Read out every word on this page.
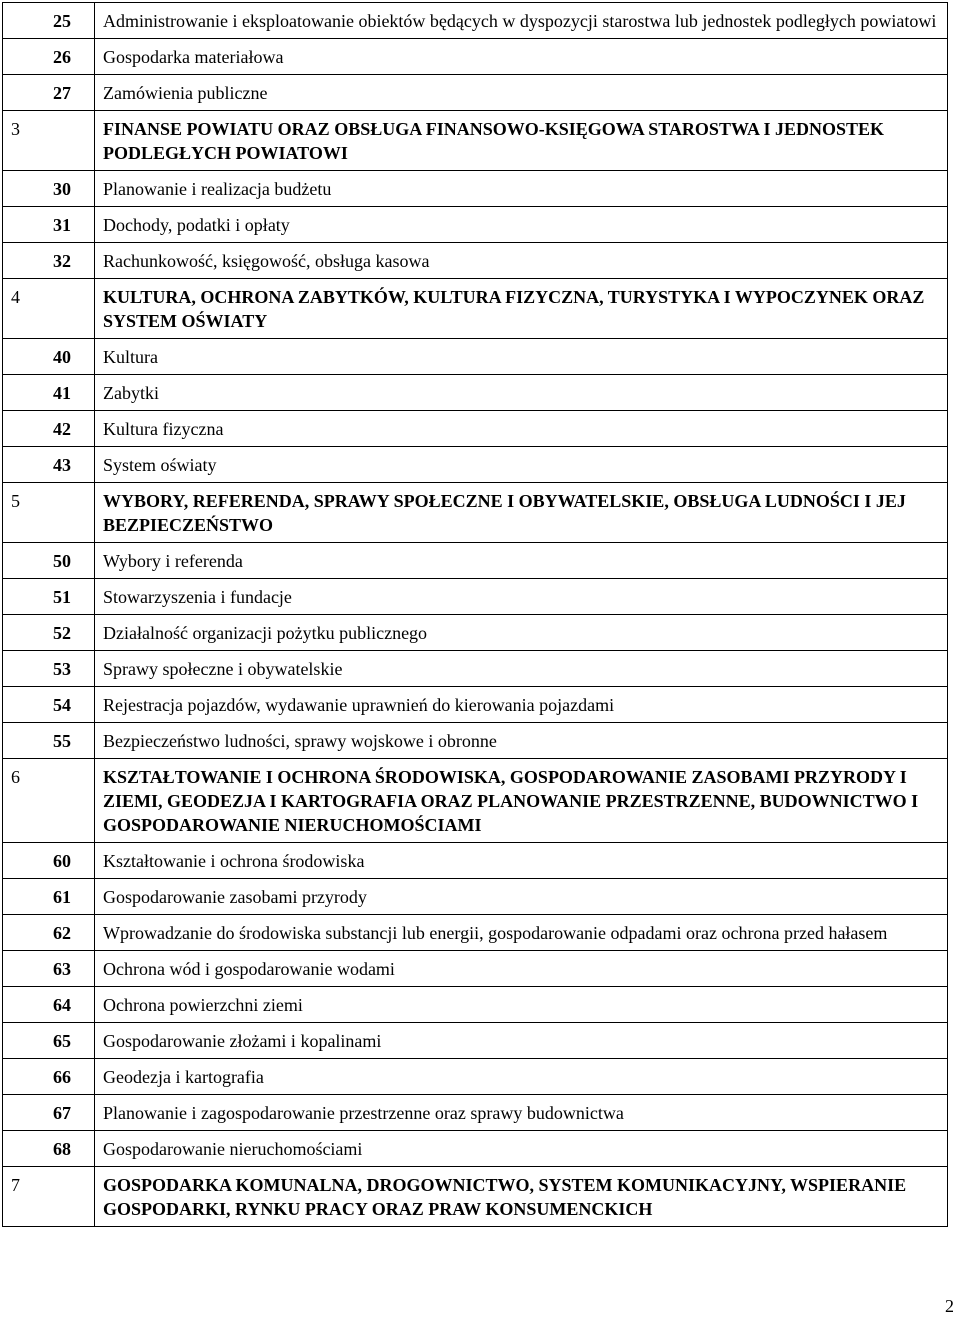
25	Administrowanie i eksploatowanie obiektów będących w dyspozycji starostwa lub jednostek podległych powiatowi

26	Gospodarka materiałowa

27	Zamówienia publiczne

3	FINANSE POWIATU ORAZ OBSŁUGA FINANSOWO-KSIĘGOWA STAROSTWA I JEDNOSTEK PODLEGŁYCH POWIATOWI

30	Planowanie i realizacja budżetu

31	Dochody, podatki i opłaty

32	Rachunkowość, księgowość, obsługa kasowa

4	KULTURA, OCHRONA ZABYTKÓW, KULTURA FIZYCZNA, TURYSTYKA I WYPOCZYNEK ORAZ SYSTEM OŚWIATY

40	Kultura

41	Zabytki

42	Kultura fizyczna

43	System oświaty

5	WYBORY, REFERENDA, SPRAWY SPOŁECZNE I OBYWATELSKIE, OBSŁUGA LUDNOŚCI I JEJ BEZPIECZEŃSTWO

50	Wybory i referenda

51	Stowarzyszenia i fundacje

52	Działalność organizacji pożytku publicznego

53	Sprawy społeczne i obywatelskie

54	Rejestracja pojazdów, wydawanie uprawnień do kierowania pojazdami

55	Bezpieczeństwo ludności, sprawy wojskowe i obronne

6	KSZTAŁTOWANIE I OCHRONA ŚRODOWISKA, GOSPODAROWANIE ZASOBAMI PRZYRODY I ZIEMI, GEODEZJA I KARTOGRAFIA ORAZ PLANOWANIE PRZESTRZENNE, BUDOWNICTWO I GOSPODAROWANIE NIERUCHOMOŚCIAMI

60	Kształtowanie i ochrona środowiska

61	Gospodarowanie zasobami przyrody

62	Wprowadzanie do środowiska substancji lub energii, gospodarowanie odpadami oraz ochrona przed hałasem

63	Ochrona wód i gospodarowanie wodami

64	Ochrona powierzchni ziemi

65	Gospodarowanie złożami i kopalinami

66	Geodezja i kartografia

67	Planowanie i zagospodarowanie przestrzenne oraz sprawy budownictwa

68	Gospodarowanie nieruchomościami

7	GOSPODARKA KOMUNALNA, DROGOWNICTWO, SYSTEM KOMUNIKACYJNY, WSPIERANIE GOSPODARKI, RYNKU PRACY ORAZ PRAW KONSUMENCKICH
2
